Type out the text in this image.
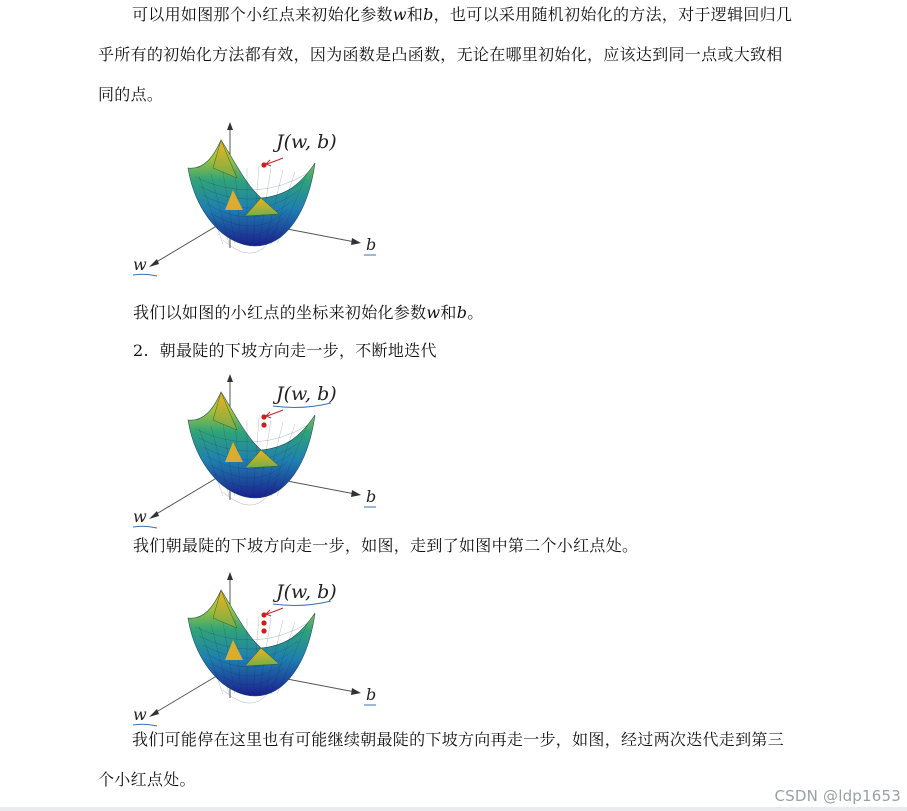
可以用如图那个小红点来初始化参数w和b，也可以采用随机初始化的方法，对于逻辑回归几乎所有的初始化方法都有效，因为函数是凸函数，无论在哪里初始化，应该达到同一点或大致相同的点。
J(w, b)
b
w
我们以如图的小红点的坐标来初始化参数w和b。
2. 朝最陡的下坡方向走一步，不断地迭代
J(w, b)
b
w
我们朝最陡的下坡方向走一步，如图，走到了如图中第二个小红点处。
J(w, b)
b
w
我们可能停在这里也有可能继续朝最陡的下坡方向再走一步，如图，经过两次迭代走到第三个小红点处。
CSDN @ldp1653
